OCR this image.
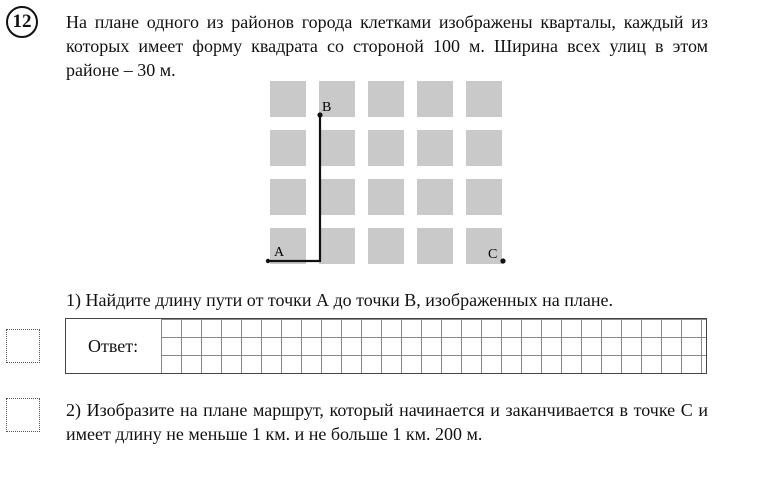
12	На плане одного из районов города клетками изображены кварталы, каждый из которых имеет форму квадрата со стороной 100 м. Ширина всех улиц в этом районе – 30 м.

A
B
C

1) Найдите длину пути от точки А до точки В, изображенных на плане.

Ответ:

2) Изобразите на плане маршрут, который начинается и заканчивается в точке С и имеет длину не меньше 1 км. и не больше 1 км. 200 м.
